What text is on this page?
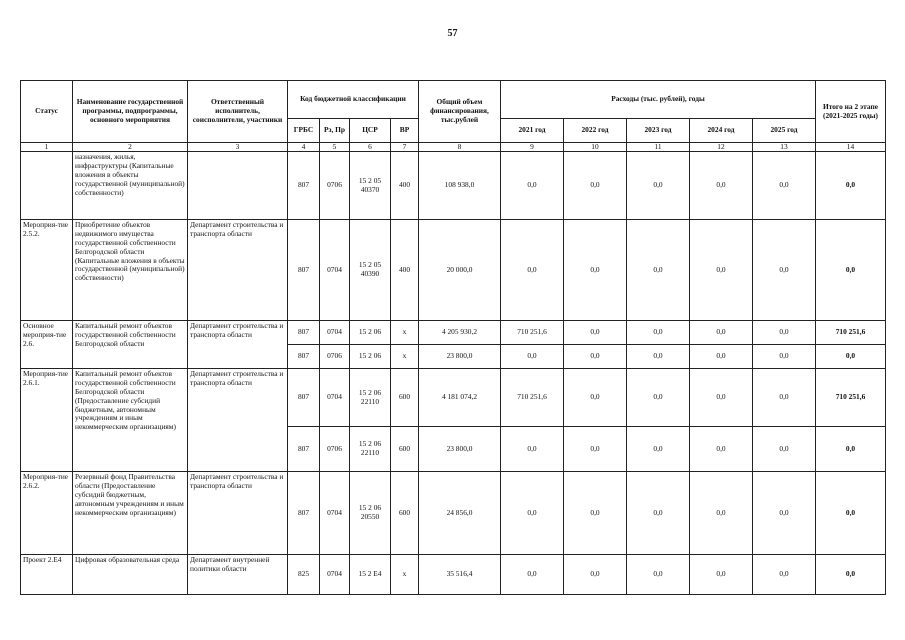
57
Статус	Наименование государственной программы, подпрограммы, основного мероприятия	Ответственный исполнитель, соисполнители, участники	Код бюджетной классификации				Общий объем финансирования, тыс.рублей	Расходы (тыс. рублей), годы					Итого на 2 этапе (2021-2025 годы)
			ГРБС	Рз, Пр	ЦСР	ВР		2021 год	2022 год	2023 год	2024 год	2025 год	
1	2	3	4	5	6	7	8	9	10	11	12	13	14
	назначения, жилья, инфраструктуры (Капитальные вложения в объекты государственной (муниципальной) собственности)		807	0706	15 2 05 40370	400	108 938,0	0,0	0,0	0,0	0,0	0,0	0,0
Мероприя-тие 2.5.2.	Приобретение объектов недвижимого имущества государственной собственности Белгородской области (Капитальные вложения в объекты государственной (муниципальной) собственности)	Департамент строительства и транспорта области	807	0704	15 2 05 40390	400	20 000,0	0,0	0,0	0,0	0,0	0,0	0,0
Основное мероприя-тие 2.6.	Капитальный ремонт объектов государственной собственности Белгородской области	Департамент строительства и транспорта области	807	0704	15 2 06	х	4 205 930,2	710 251,6	0,0	0,0	0,0	0,0	710 251,6
			807	0706	15 2 06	х	23 800,0	0,0	0,0	0,0	0,0	0,0	0,0
Мероприя-тие 2.6.1.	Капитальный ремонт объектов государственной собственности Белгородской области (Предоставление субсидий бюджетным, автономным учреждениям и иным некоммерческим организациям)	Департамент строительства и транспорта области	807	0704	15 2 06 22110	600	4 181 074,2	710 251,6	0,0	0,0	0,0	0,0	710 251,6
			807	0706	15 2 06 22110	600	23 800,0	0,0	0,0	0,0	0,0	0,0	0,0
Мероприя-тие 2.6.2.	Резервный фонд Правительства области (Предоставление субсидий бюджетным, автономным учреждениям и иным некоммерческим организациям)	Департамент строительства и транспорта области	807	0704	15 2 06 20550	600	24 856,0	0,0	0,0	0,0	0,0	0,0	0,0
Проект 2.Е4	Цифровая образовательная среда	Департамент внутренней политики области	825	0704	15 2 Е4	х	35 516,4	0,0	0,0	0,0	0,0	0,0	0,0
